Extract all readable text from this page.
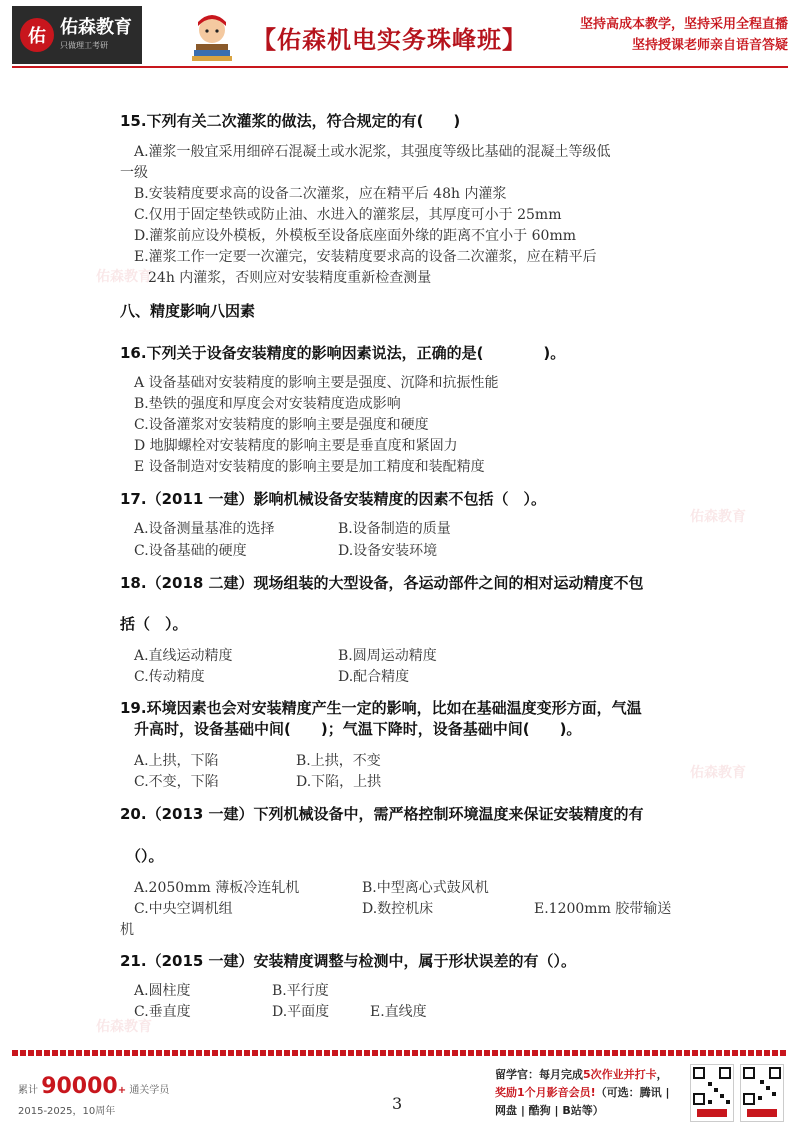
佑 佑森教育
只做理工考研	【佑森机电实务珠峰班】
坚持高成本教学，坚持采用全程直播
坚持授课老师亲自语音答疑
佑森教育
佑森教育
佑森教育
佑森教育
15.下列有关二次灌浆的做法，符合规定的有(　　)
A.灌浆一般宜采用细碎石混凝土或水泥浆，其强度等级比基础的混凝土等级低
一级
B.安装精度要求高的设备二次灌浆，应在精平后 48h 内灌浆
C.仅用于固定垫铁或防止油、水进入的灌浆层，其厚度可小于 25mm
D.灌浆前应设外模板，外模板至设备底座面外缘的距离不宜小于 60mm
E.灌浆工作一定要一次灌完，安装精度要求高的设备二次灌浆，应在精平后
24h 内灌浆，否则应对安装精度重新检查测量
八、精度影响八因素
16.下列关于设备安装精度的影响因素说法，正确的是(　　　　)。
A 设备基础对安装精度的影响主要是强度、沉降和抗振性能
B.垫铁的强度和厚度会对安装精度造成影响
C.设备灌浆对安装精度的影响主要是强度和硬度
D 地脚螺栓对安装精度的影响主要是垂直度和紧固力
E 设备制造对安装精度的影响主要是加工精度和装配精度
17.（2011 一建）影响机械设备安装精度的因素不包括（　）。
A.设备测量基准的选择	B.设备制造的质量
C.设备基础的硬度	D.设备安装环境
18.（2018 二建）现场组装的大型设备，各运动部件之间的相对运动精度不包
括（　）。
A.直线运动精度	B.圆周运动精度
C.传动精度	D.配合精度
19.环境因素也会对安装精度产生一定的影响，比如在基础温度变形方面，气温
升高时，设备基础中间(　　)；气温下降时，设备基础中间(　　)。
A.上拱，下陷	B.上拱，不变
C.不变，下陷	D.下陷，上拱
20.（2013 一建）下列机械设备中，需严格控制环境温度来保证安装精度的有
（）。
A.2050mm 薄板冷连轧机	B.中型离心式鼓风机
C.中央空调机组	D.数控机床	E.1200mm 胶带输送
机
21.（2015 一建）安装精度调整与检测中，属于形状误差的有（）。
A.圆柱度	B.平行度
C.垂直度	D.平面度	E.直线度
累计 90000+ 通关学员
2015-2025，10周年	3
留学官：每月完成5次作业并打卡，
奖励1个月影音会员!（可选：腾讯 |
网盘 | 酷狗 | B站等）
